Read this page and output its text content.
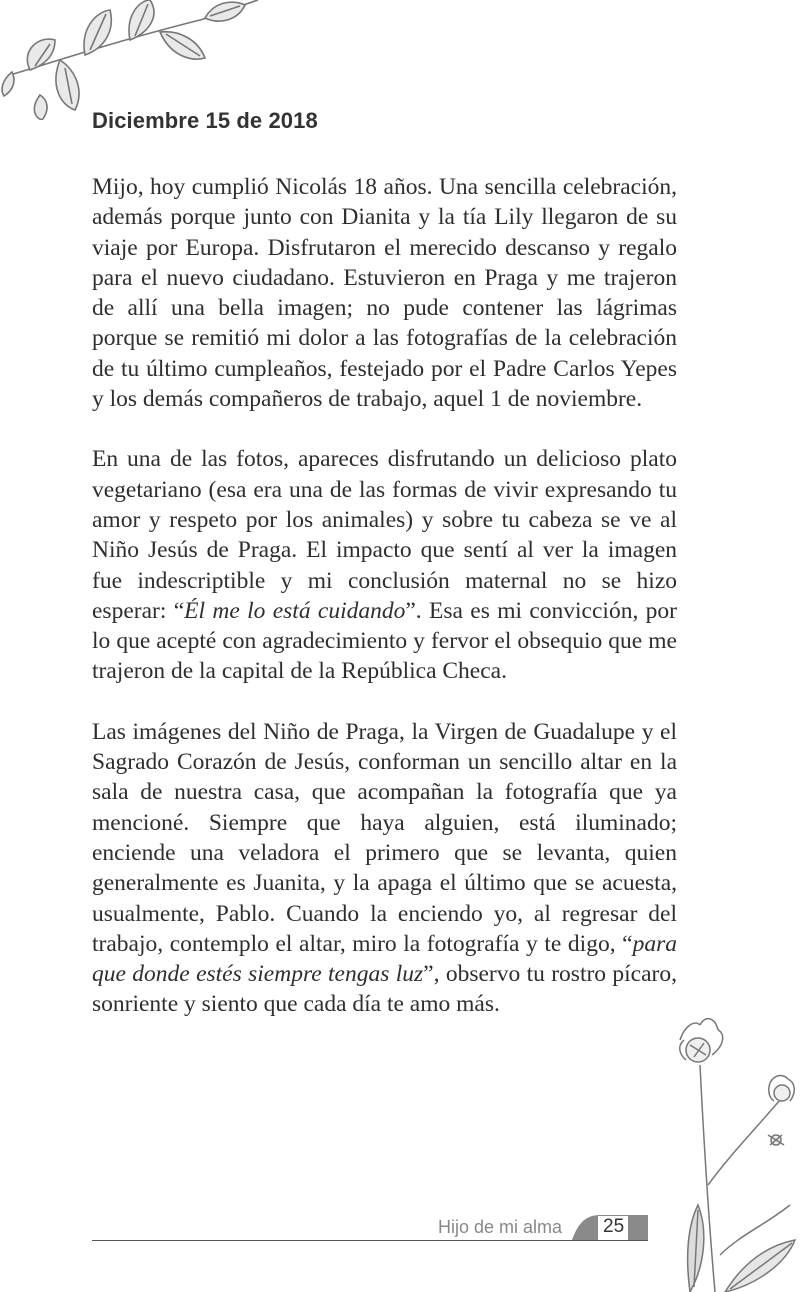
Diciembre 15 de 2018

Mijo, hoy cumplió Nicolás 18 años. Una sencilla celebración, además porque junto con Dianita y la tía Lily llegaron de su viaje por Europa. Disfrutaron el merecido descanso y regalo para el nuevo ciudadano. Estuvieron en Praga y me trajeron de allí una bella imagen; no pude contener las lágrimas porque se remitió mi dolor a las fotografías de la celebración de tu último cumpleaños, festejado por el Padre Carlos Yepes y los demás compañeros de trabajo, aquel 1 de noviembre.

En una de las fotos, apareces disfrutando un delicioso plato vegetariano (esa era una de las formas de vivir expresando tu amor y respeto por los animales) y sobre tu cabeza se ve al Niño Jesús de Praga. El impacto que sentí al ver la imagen fue indescriptible y mi conclusión maternal no se hizo esperar: “Él me lo está cuidando”. Esa es mi convicción, por lo que acepté con agradecimiento y fervor el obsequio que me trajeron de la capital de la República Checa.

Las imágenes del Niño de Praga, la Virgen de Guadalupe y el Sagrado Corazón de Jesús, conforman un sencillo altar en la sala de nuestra casa, que acompañan la fotografía que ya mencioné. Siempre que haya alguien, está iluminado; enciende una veladora el primero que se levanta, quien generalmente es Juanita, y la apaga el último que se acuesta, usualmente, Pablo. Cuando la enciendo yo, al regresar del trabajo, contemplo el altar, miro la fotografía y te digo, “para que donde estés siempre tengas luz”, observo tu rostro pícaro, sonriente y siento que cada día te amo más.

Hijo de mi alma 25
